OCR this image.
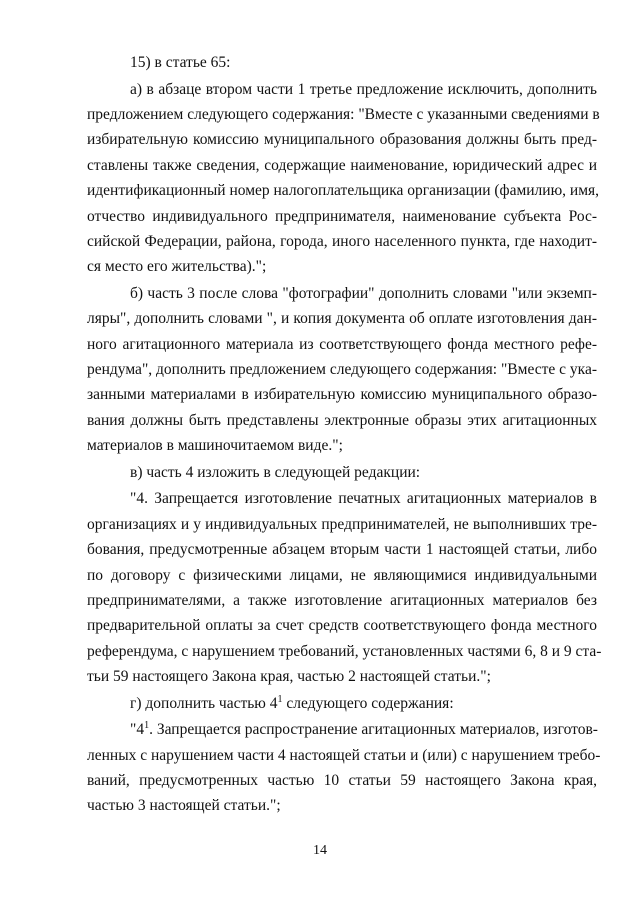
15) в статье 65:
а) в абзаце втором части 1 третье предложение исключить, дополнить
предложением следующего содержания: "Вместе с указанными сведениями в
избирательную комиссию муниципального образования должны быть пред-
ставлены также сведения, содержащие наименование, юридический адрес и
идентификационный номер налогоплательщика организации (фамилию, имя,
отчество индивидуального предпринимателя, наименование субъекта Рос-
сийской Федерации, района, города, иного населенного пункта, где находит-
ся место его жительства).";
б) часть 3 после слова "фотографии" дополнить словами "или экземп-
ляры", дополнить словами ", и копия документа об оплате изготовления дан-
ного агитационного материала из соответствующего фонда местного рефе-
рендума", дополнить предложением следующего содержания: "Вместе с ука-
занными материалами в избирательную комиссию муниципального образо-
вания должны быть представлены электронные образы этих агитационных
материалов в машиночитаемом виде.";
в) часть 4 изложить в следующей редакции:
"4. Запрещается изготовление печатных агитационных материалов в
организациях и у индивидуальных предпринимателей, не выполнивших тре-
бования, предусмотренные абзацем вторым части 1 настоящей статьи, либо
по договору с физическими лицами, не являющимися индивидуальными
предпринимателями, а также изготовление агитационных материалов без
предварительной оплаты за счет средств соответствующего фонда местного
референдума, с нарушением требований, установленных частями 6, 8 и 9 ста-
тьи 59 настоящего Закона края, частью 2 настоящей статьи.";
г) дополнить частью $4^1$ следующего содержания:
"$4^1$. Запрещается распространение агитационных материалов, изготов-
ленных с нарушением части 4 настоящей статьи и (или) с нарушением требо-
ваний, предусмотренных частью 10 статьи 59 настоящего Закона края,
частью 3 настоящей статьи.";
14
